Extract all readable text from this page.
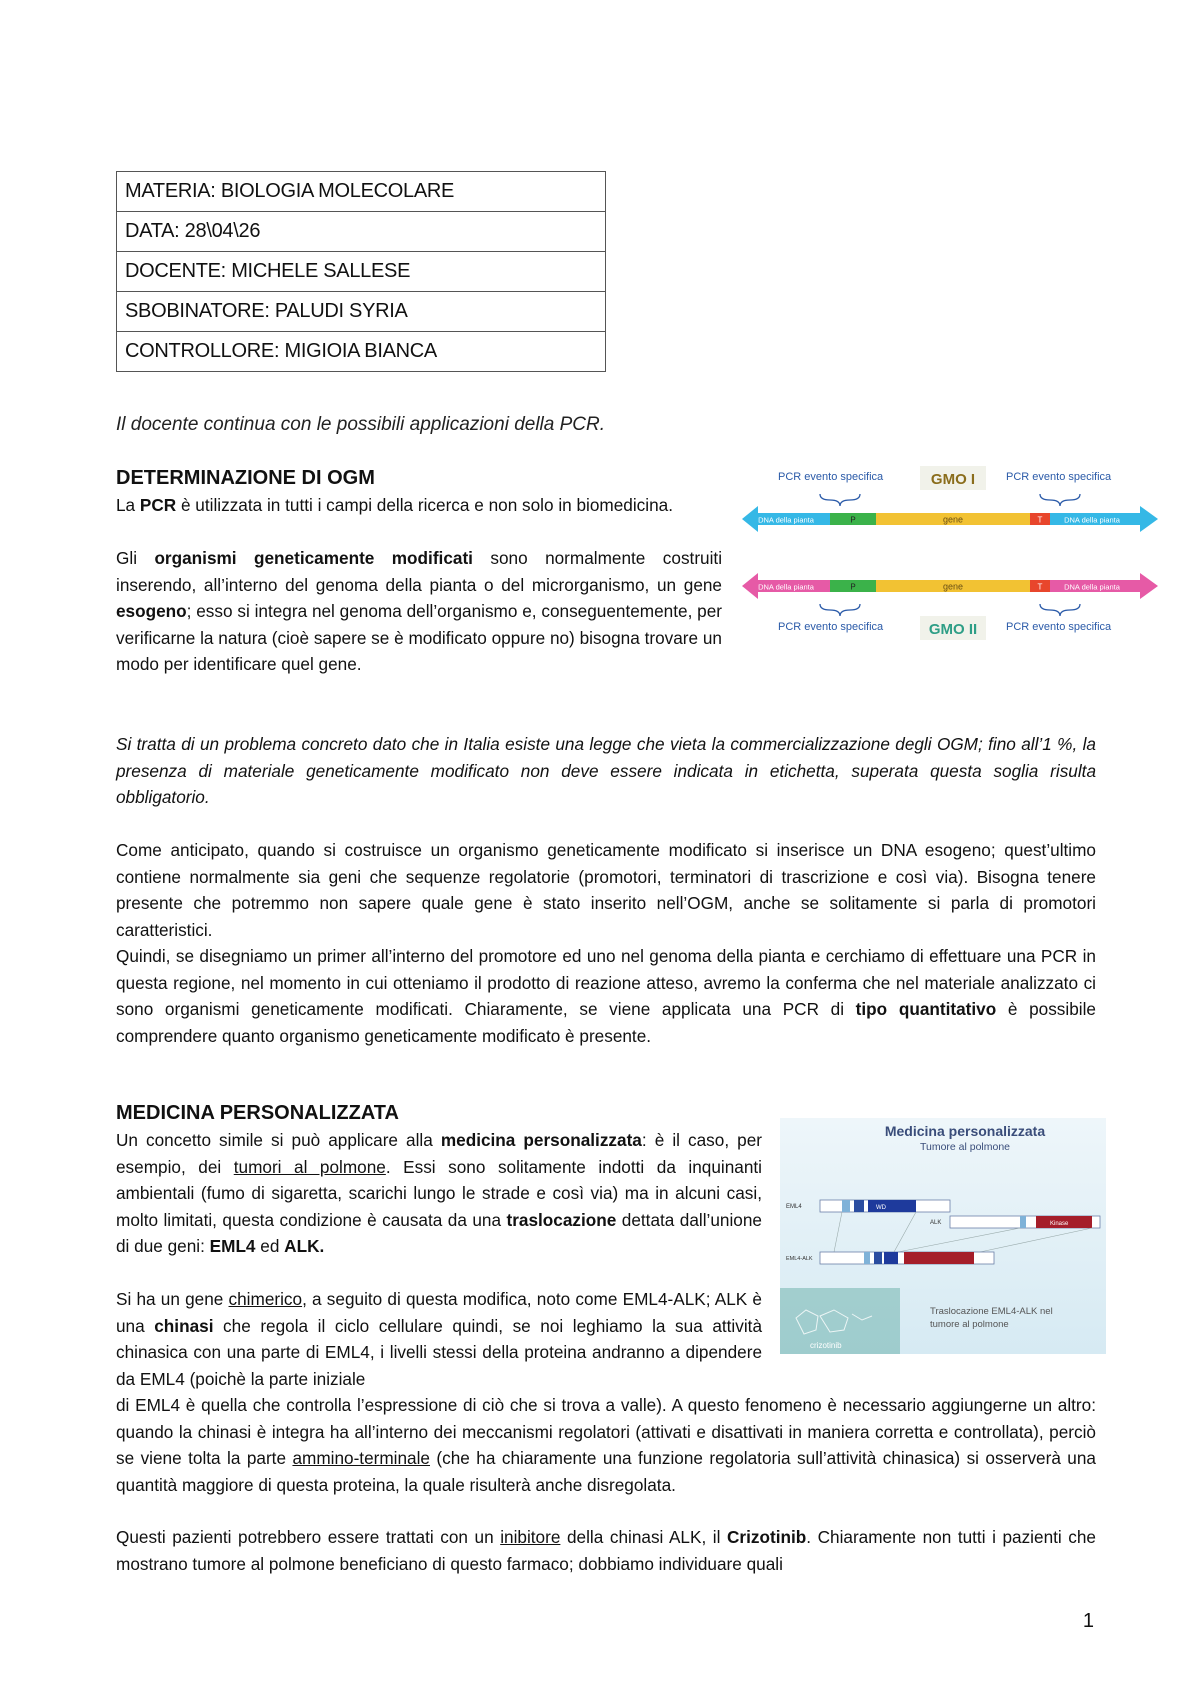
MATERIA: BIOLOGIA MOLECOLARE
DATA: 28\04\26
DOCENTE: MICHELE SALLESE
SBOBINATORE: PALUDI SYRIA
CONTROLLORE: MIGIOIA BIANCA
Il docente continua con le possibili applicazioni della PCR.
DETERMINAZIONE DI OGM

La PCR è utilizzata in tutti i campi della ricerca e non solo in biomedicina.

Gli organismi geneticamente modificati sono normalmente costruiti inserendo, all’interno del genoma della pianta o del microrganismo, un gene esogeno; esso si integra nel genoma dell’organismo e, conseguentemente, per verificarne la natura (cioè sapere se è modificato oppure no) bisogna trovare un modo per identificare quel gene.

PCR evento specifica	PCR evento specifica
GMO I
DNA della pianta	P	gene	T	DNA della pianta
DNA della pianta	P	gene	T	DNA della pianta
PCR evento specifica	PCR evento specifica
GMO II

Si tratta di un problema concreto dato che in Italia esiste una legge che vieta la commercializzazione degli OGM; fino all’1 %, la presenza di materiale geneticamente modificato non deve essere indicata in etichetta, superata questa soglia risulta obbligatorio.

Come anticipato, quando si costruisce un organismo geneticamente modificato si inserisce un DNA esogeno; quest’ultimo contiene normalmente sia geni che sequenze regolatorie (promotori, terminatori di trascrizione e così via). Bisogna tenere presente che potremmo non sapere quale gene è stato inserito nell’OGM, anche se solitamente si parla di promotori caratteristici.

Quindi, se disegniamo un primer all’interno del promotore ed uno nel genoma della pianta e cerchiamo di effettuare una PCR in questa regione, nel momento in cui otteniamo il prodotto di reazione atteso, avremo la conferma che nel materiale analizzato ci sono organismi geneticamente modificati. Chiaramente, se viene applicata una PCR di tipo quantitativo è possibile comprendere quanto organismo geneticamente modificato è presente.

MEDICINA PERSONALIZZATA

Un concetto simile si può applicare alla medicina personalizzata: è il caso, per esempio, dei tumori al polmone. Essi sono solitamente indotti da inquinanti ambientali (fumo di sigaretta, scarichi lungo le strade e così via) ma in alcuni casi, molto limitati, questa condizione è causata da una traslocazione dettata dall’unione di due geni: EML4 ed ALK.

Si ha un gene chimerico, a seguito di questa modifica, noto come EML4-ALK; ALK è una chinasi che regola il ciclo cellulare quindi, se noi leghiamo la sua attività chinasica con una parte di EML4, i livelli stessi della proteina andranno a dipendere da EML4 (poichè la parte iniziale

di EML4 è quella che controlla l’espressione di ciò che si trova a valle). A questo fenomeno è necessario aggiungerne un altro: quando la chinasi è integra ha all’interno dei meccanismi regolatori (attivati e disattivati in maniera corretta e controllata), perciò se viene tolta la parte ammino-terminale (che ha chiaramente una funzione regolatoria sull’attività chinasica) si osserverà una quantità maggiore di questa proteina, la quale risulterà anche disregolata.

Questi pazienti potrebbero essere trattati con un inibitore della chinasi ALK, il Crizotinib. Chiaramente non tutti i pazienti che mostrano tumore al polmone beneficiano di questo farmaco; dobbiamo individuare quali

Medicina personalizzata
Tumore al polmone
EML4	WD
ALK	Kinase
EML4-ALK
crizotinib
Traslocazione EML4-ALK nel
tumore al polmone
1
